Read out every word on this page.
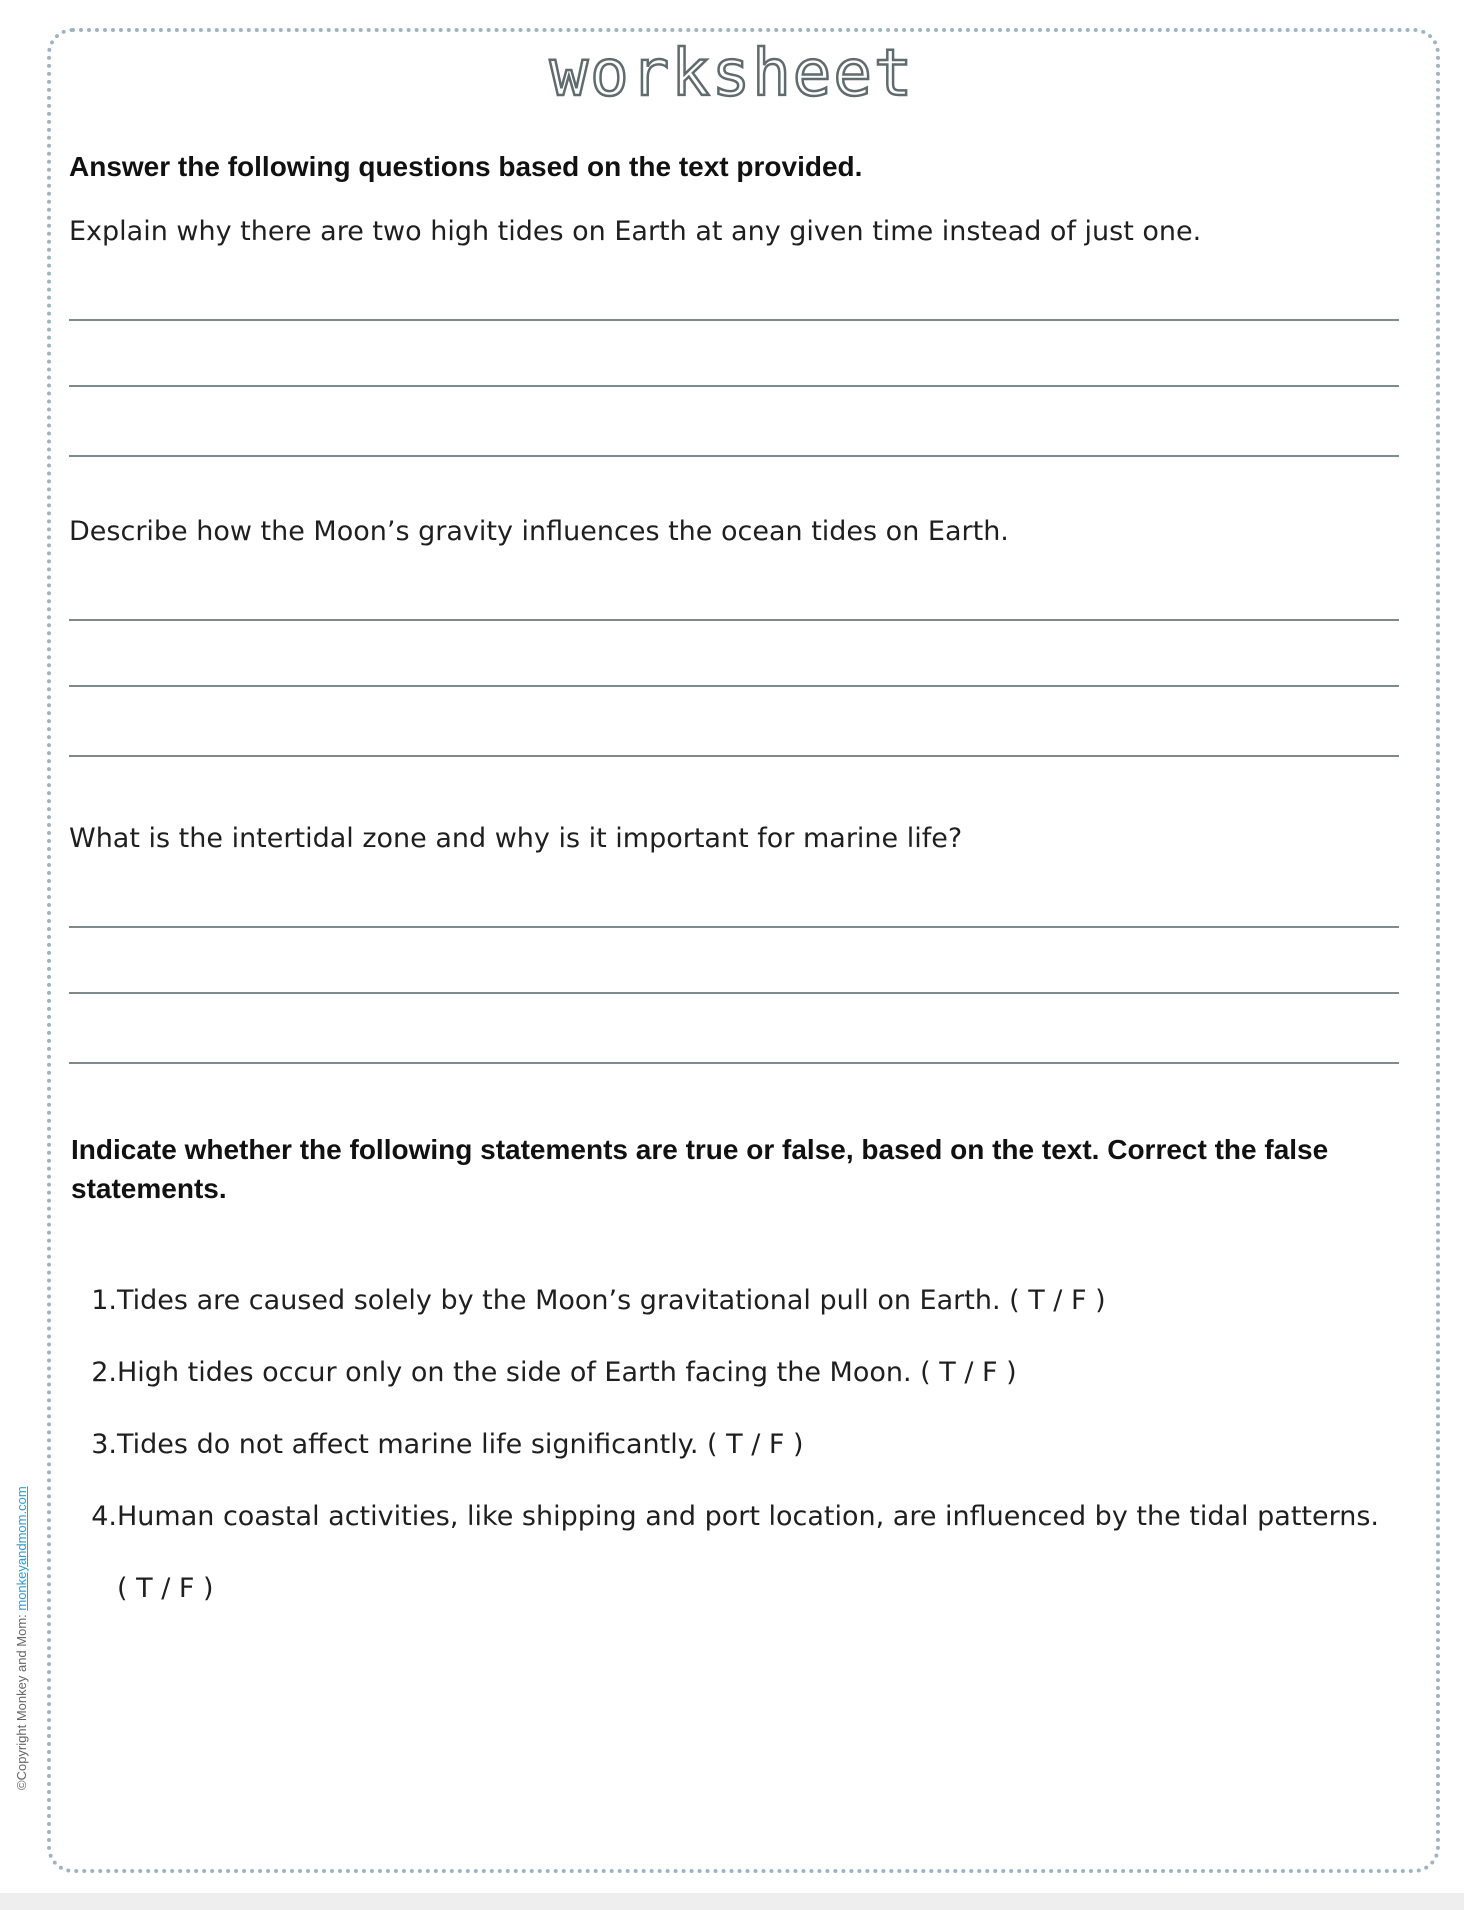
worksheet
Answer the following questions based on the text provided.
Explain why there are two high tides on Earth at any given time instead of just one.
Describe how the Moon’s gravity influences the ocean tides on Earth.
What is the intertidal zone and why is it important for marine life?
Indicate whether the following statements are true or false, based on the text. Correct the false statements.
1. Tides are caused solely by the Moon’s gravitational pull on Earth. ( T / F )
2. High tides occur only on the side of Earth facing the Moon. ( T / F )
3. Tides do not affect marine life significantly. ( T / F )
4. Human coastal activities, like shipping and port location, are influenced by the tidal patterns. ( T / F )
©Copyright Monkey and Mom: monkeyandmom.com
